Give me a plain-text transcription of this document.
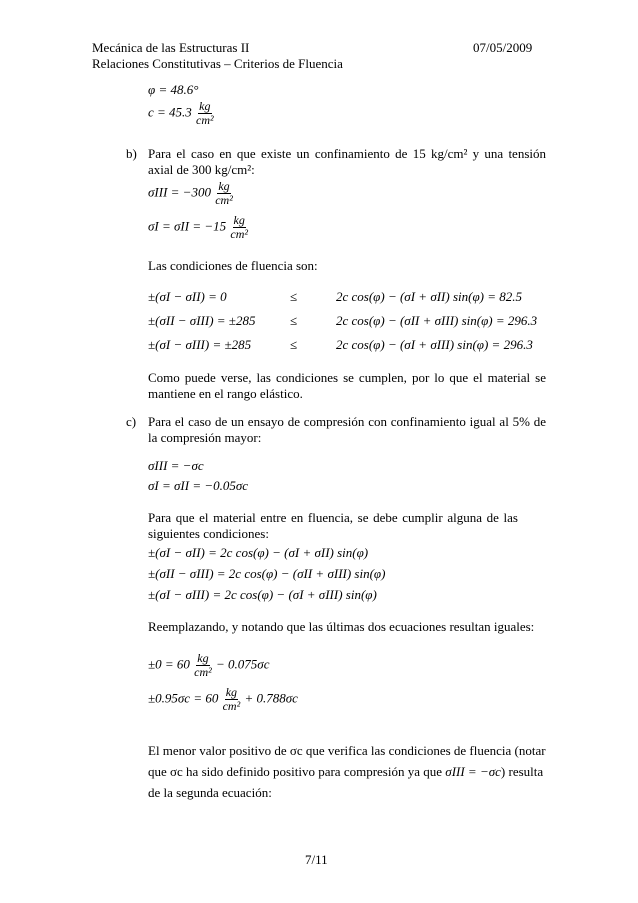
Mecánica de las Estructuras II
Relaciones Constitutivas – Criterios de Fluencia
07/05/2009
φ = 48.6°
$c = 45.3 \frac{kg}{\text{cm²}}$
b) Para el caso en que existe un confinamiento de 15 kg/cm² y una tensión axial de 300 kg/cm²:
$\sigma III = -300 \frac{kg}{\text{cm²}}$
$\sigma I = \sigma II = -15 \frac{kg}{\text{cm²}}$
Las condiciones de fluencia son:
±(σI − σII) = 0	≤	2c cos(φ) − (σI + σII) sin(φ) = 82.5
±(σII − σIII) = ±285	≤	2c cos(φ) − (σII + σIII) sin(φ) = 296.3
±(σI − σIII) = ±285	≤	2c cos(φ) − (σI + σIII) sin(φ) = 296.3
Como puede verse, las condiciones se cumplen, por lo que el material se mantiene en el rango elástico.
c) Para el caso de un ensayo de compresión con confinamiento igual al 5% de la compresión mayor:
σIII = −σc
σI = σII = −0.05σc
Para que el material entre en fluencia, se debe cumplir alguna de las siguientes condiciones:
±(σI − σII) = 2c cos(φ) − (σI + σII) sin(φ)
±(σII − σIII) = 2c cos(φ) − (σII + σIII) sin(φ)
±(σI − σIII) = 2c cos(φ) − (σI + σIII) sin(φ)
Reemplazando, y notando que las últimas dos ecuaciones resultan iguales:
$\pm 0 = 60 \frac{kg}{\text{cm²}} - 0.075\sigma c$
$\pm 0.95\sigma c = 60 \frac{kg}{\text{cm²}} + 0.788\sigma c$
El menor valor positivo de σc que verifica las condiciones de fluencia (notar
que σc ha sido definido positivo para compresión ya que σIII = −σc) resulta
de la segunda ecuación:
7/11
